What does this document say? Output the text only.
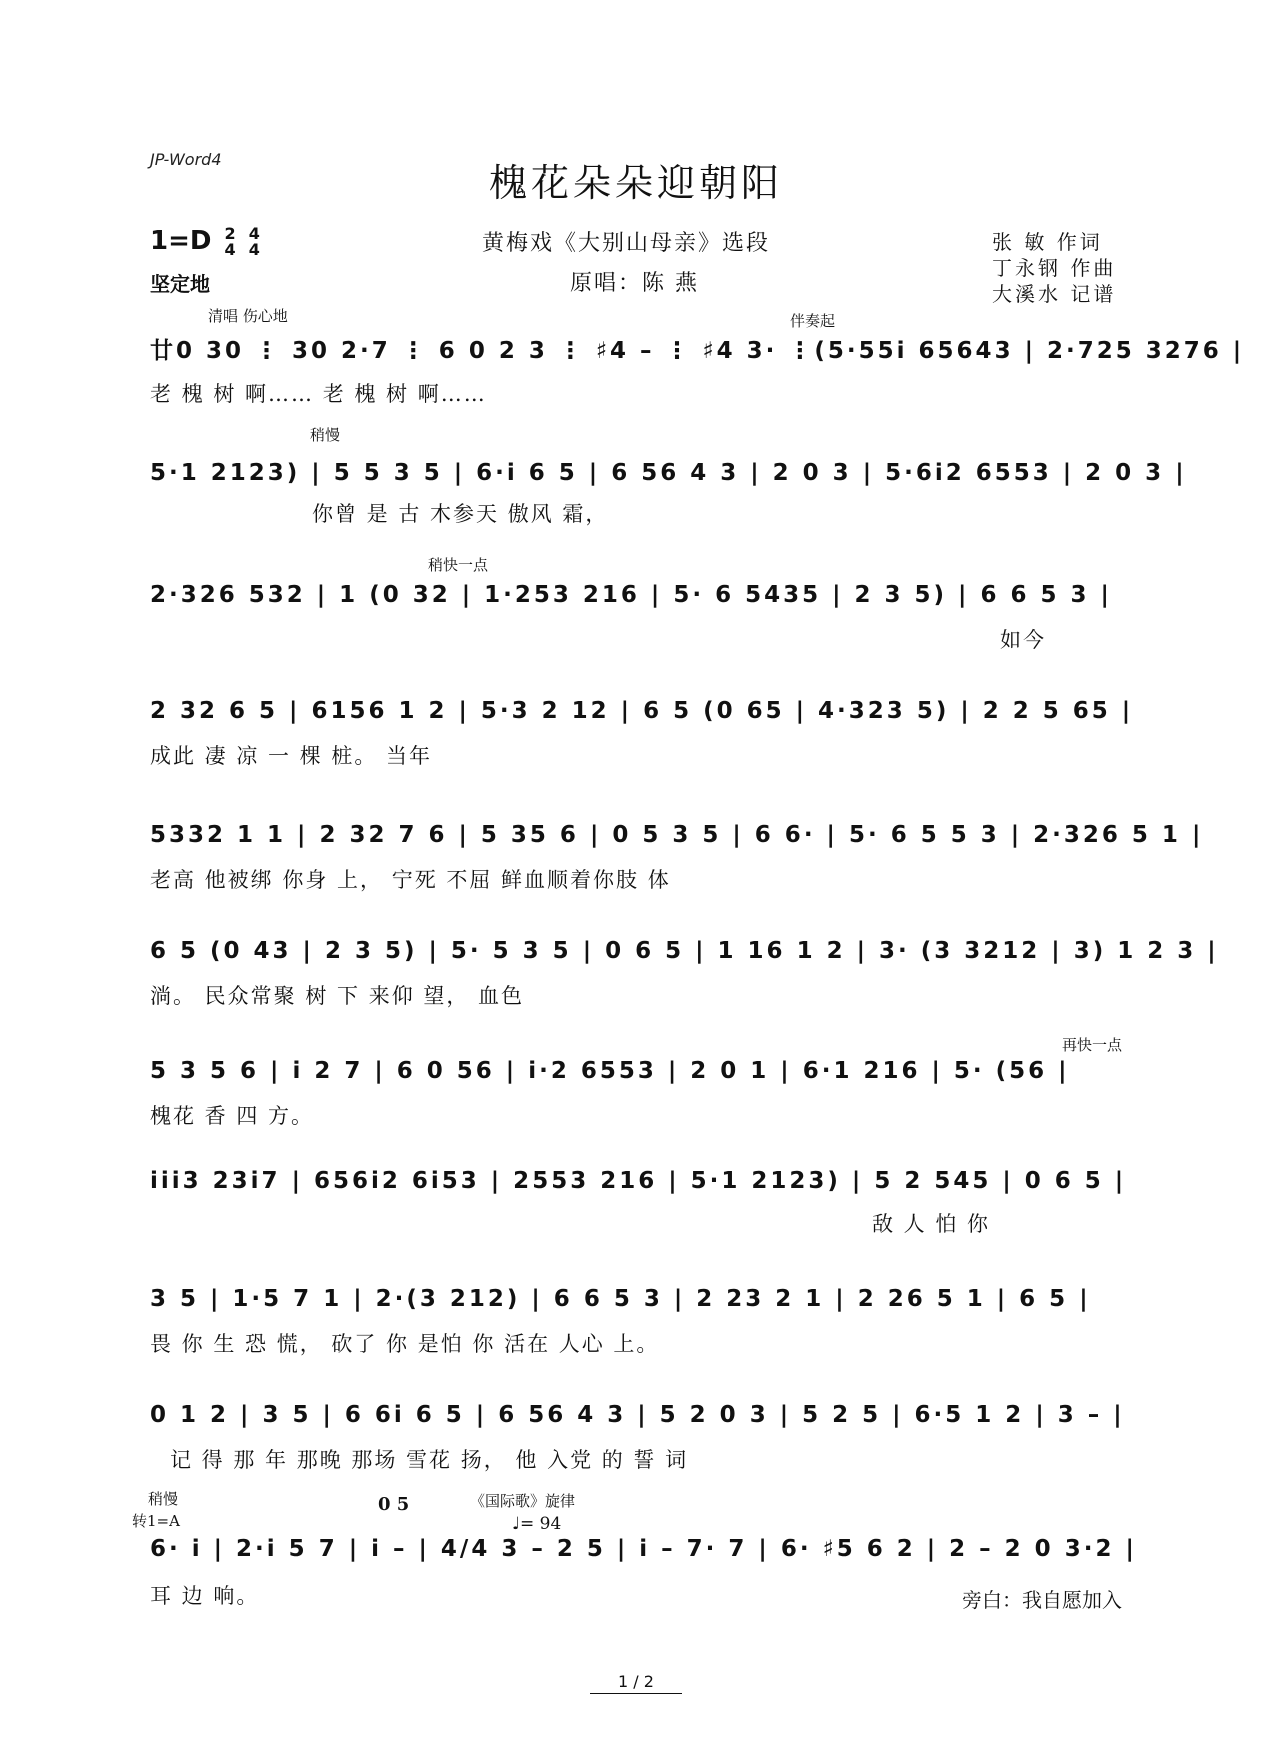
JP-Word4
槐花朵朵迎朝阳
1=D 2
4

4
4
坚定地
黄梅戏《大别山母亲》选段
原唱：陈 燕
张 敏 作词
丁永钢 作曲
大溪水 记谱
清唱 伤心地	伴奏起
廿0 30 ⋮ 30 2·7 ⋮ 6 0 2 3 ⋮ ♯4 – ⋮ ♯4 3· ⋮(5·55i 65643 | 2·725 3276 |
老 槐 树 啊…… 老 槐 树 啊……
稍慢
5·1 2123) | 5 5 3 5 | 6·i 6 5 | 6 56 4 3 | 2 0 3 | 5·6i2 6553 | 2 0 3 |
你曾 是 古 木参天 傲风 霜，
稍快一点
2·326 532 | 1 (0 32 | 1·253 216 | 5· 6 5435 | 2 3 5) | 6 6 5 3 |
如今
2 32 6 5 | 6156 1 2 | 5·3 2 12 | 6 5 (0 65 | 4·323 5) | 2 2 5 65 |
成此 凄 凉 一 棵 桩。 当年
5332 1 1 | 2 32 7 6 | 5 35 6 | 0 5 3 5 | 6 6· | 5· 6 5 5 3 | 2·326 5 1 |
老高 他被绑 你身 上， 宁死 不屈 鲜血顺着你肢 体
6 5 (0 43 | 2 3 5) | 5· 5 3 5 | 0 6 5 | 1 16 1 2 | 3· (3 3212 | 3) 1 2 3 |
淌。 民众常聚 树 下 来仰 望， 血色
再快一点
5 3 5 6 | i 2 7 | 6 0 56 | i·2 6553 | 2 0 1 | 6·1 216 | 5· (56 |
槐花 香 四 方。
iii3 23i7 | 656i2 6i53 | 2553 216 | 5·1 2123) | 5 2 545 | 0 6 5 |
敌 人 怕 你
3 5 | 1·5 7 1 | 2·(3 212) | 6 6 5 3 | 2 23 2 1 | 2 26 5 1 | 6 5 |
畏 你 生 恐 慌， 砍了 你 是怕 你 活在 人心 上。
0 1 2 | 3 5 | 6 6i 6 5 | 6 56 4 3 | 5 2 0 3 | 5 2 5 | 6·5 1 2 | 3 – |
记 得 那 年 那晚 那场 雪花 扬， 他 入党 的 誓 词
稍慢
转1=A
0 5	《国际歌》旋律
♩= 94
6· i | 2·i 5 7 | i – | 4/4 3 – 2 5 | i – 7· 7 | 6· ♯5 6 2 | 2 – 2 0 3·2 |
耳 边 响。	旁白：我自愿加入
1 / 2
